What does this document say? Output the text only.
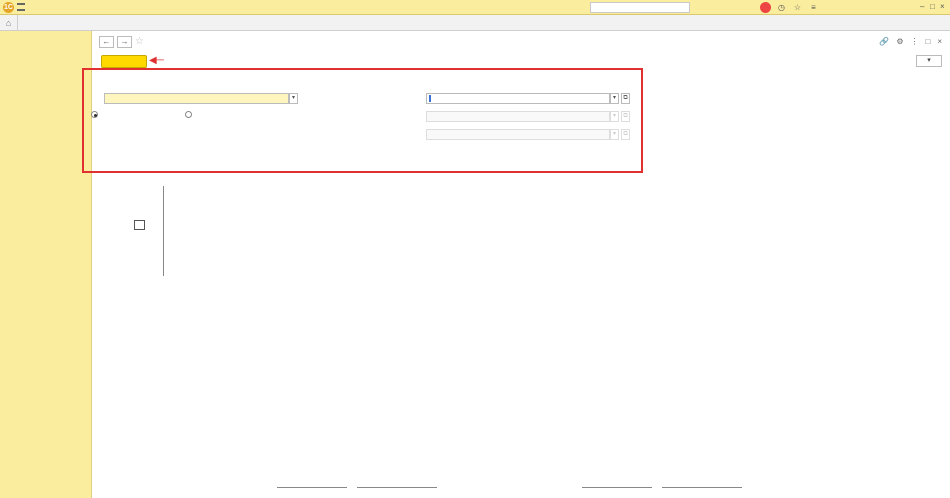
1С	◷ ☆	≡	– □ ×
⌂
←	→ ☆	🔗 ⚙ ⋮ □ ×
◀─	▾
▾	▾	⧉
▾	⧉
▾	⧉
